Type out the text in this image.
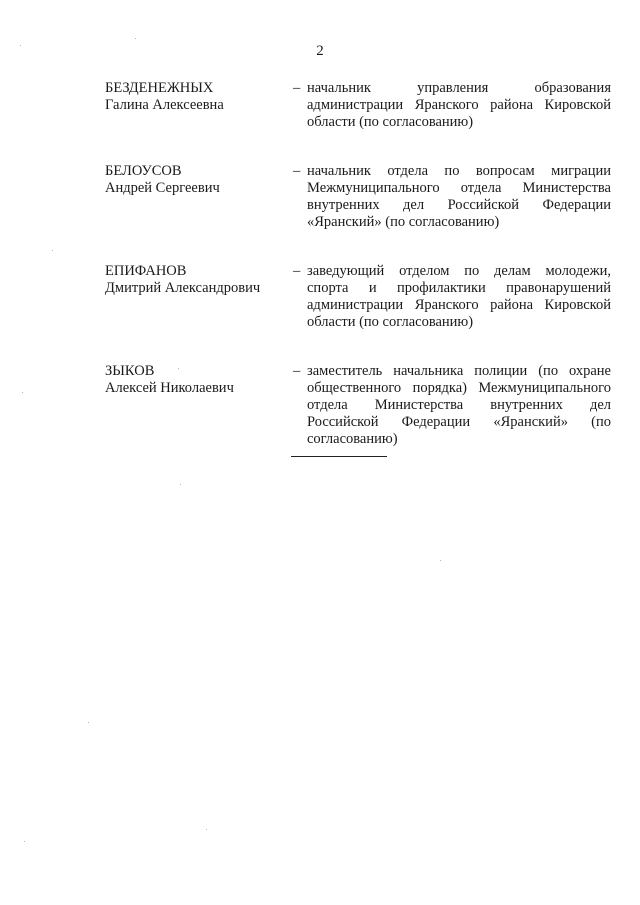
2
БЕЗДЕНЕЖНЫХ
Галина Алексеевна
– начальник управления образования администрации Яранского района Кировской области (по согласованию)
БЕЛОУСОВ
Андрей Сергеевич
– начальник отдела по вопросам миграции Межмуниципального отдела Министерства внутренних дел Российской Федерации «Яранский» (по согласованию)
ЕПИФАНОВ
Дмитрий Александрович
– заведующий отделом по делам молодежи, спорта и профилактики правонарушений администрации Яранского района Кировской области (по согласованию)
ЗЫКОВ
Алексей Николаевич
– заместитель начальника полиции (по охране общественного порядка) Межмуниципального отдела Министерства внутренних дел Российской Федерации «Яранский» (по согласованию)
